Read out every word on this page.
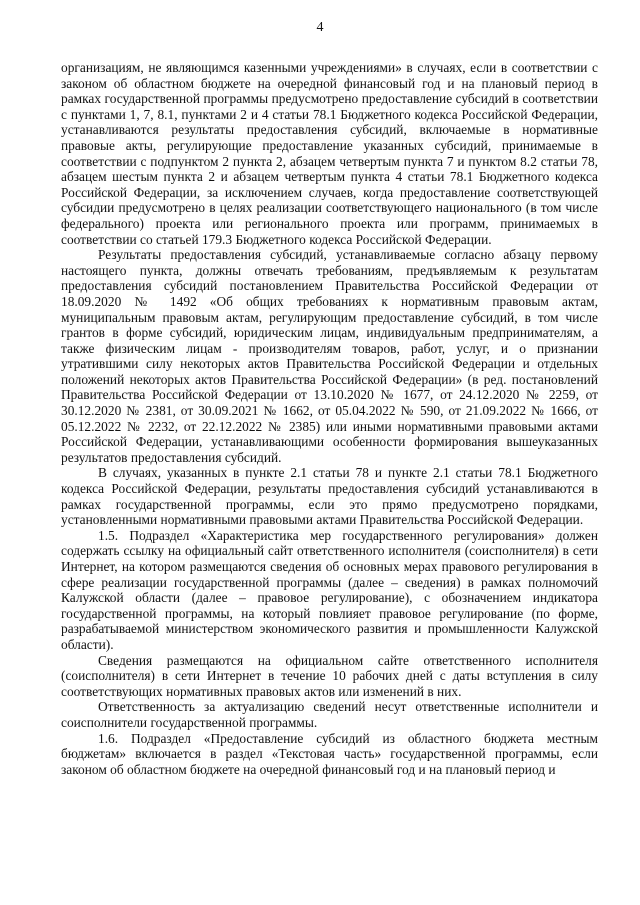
4

организациям, не являющимся казенными учреждениями» в случаях, если в соответствии с законом об областном бюджете на очередной финансовый год и на плановый период в рамках государственной программы предусмотрено предоставление субсидий в соответствии с пунктами 1, 7, 8.1, пунктами 2 и 4 статьи 78.1 Бюджетного кодекса Российской Федерации, устанавливаются результаты предоставления субсидий, включаемые в нормативные правовые акты, регулирующие предоставление указанных субсидий, принимаемые в соответствии с подпунктом 2 пункта 2, абзацем четвертым пункта 7 и пунктом 8.2 статьи 78, абзацем шестым пункта 2 и абзацем четвертым пункта 4 статьи 78.1 Бюджетного кодекса Российской Федерации, за исключением случаев, когда предоставление соответствующей субсидии предусмотрено в целях реализации соответствующего национального (в том числе федерального) проекта или регионального проекта или программ, принимаемых в соответствии со статьей 179.3 Бюджетного кодекса Российской Федерации.

Результаты предоставления субсидий, устанавливаемые согласно абзацу первому настоящего пункта, должны отвечать требованиям, предъявляемым к результатам предоставления субсидий постановлением Правительства Российской Федерации от 18.09.2020 № 1492 «Об общих требованиях к нормативным правовым актам, муниципальным правовым актам, регулирующим предоставление субсидий, в том числе грантов в форме субсидий, юридическим лицам, индивидуальным предпринимателям, а также физическим лицам - производителям товаров, работ, услуг, и о признании утратившими силу некоторых актов Правительства Российской Федерации и отдельных положений некоторых актов Правительства Российской Федерации» (в ред. постановлений Правительства Российской Федерации от 13.10.2020 № 1677, от 24.12.2020 № 2259, от 30.12.2020 № 2381, от 30.09.2021 № 1662, от 05.04.2022 № 590, от 21.09.2022 № 1666, от 05.12.2022 № 2232, от 22.12.2022 № 2385) или иными нормативными правовыми актами Российской Федерации, устанавливающими особенности формирования вышеуказанных результатов предоставления субсидий.

В случаях, указанных в пункте 2.1 статьи 78 и пункте 2.1 статьи 78.1 Бюджетного кодекса Российской Федерации, результаты предоставления субсидий устанавливаются в рамках государственной программы, если это прямо предусмотрено порядками, установленными нормативными правовыми актами Правительства Российской Федерации.

1.5. Подраздел «Характеристика мер государственного регулирования» должен содержать ссылку на официальный сайт ответственного исполнителя (соисполнителя) в сети Интернет, на котором размещаются сведения об основных мерах правового регулирования в сфере реализации государственной программы (далее – сведения) в рамках полномочий Калужской области (далее – правовое регулирование), с обозначением индикатора государственной программы, на который повлияет правовое регулирование (по форме, разрабатываемой министерством экономического развития и промышленности Калужской области).

Сведения размещаются на официальном сайте ответственного исполнителя (соисполнителя) в сети Интернет в течение 10 рабочих дней с даты вступления в силу соответствующих нормативных правовых актов или изменений в них.

Ответственность за актуализацию сведений несут ответственные исполнители и соисполнители государственной программы.

1.6. Подраздел «Предоставление субсидий из областного бюджета местным бюджетам» включается в раздел «Текстовая часть» государственной программы, если законом об областном бюджете на очередной финансовый год и на плановый период и
